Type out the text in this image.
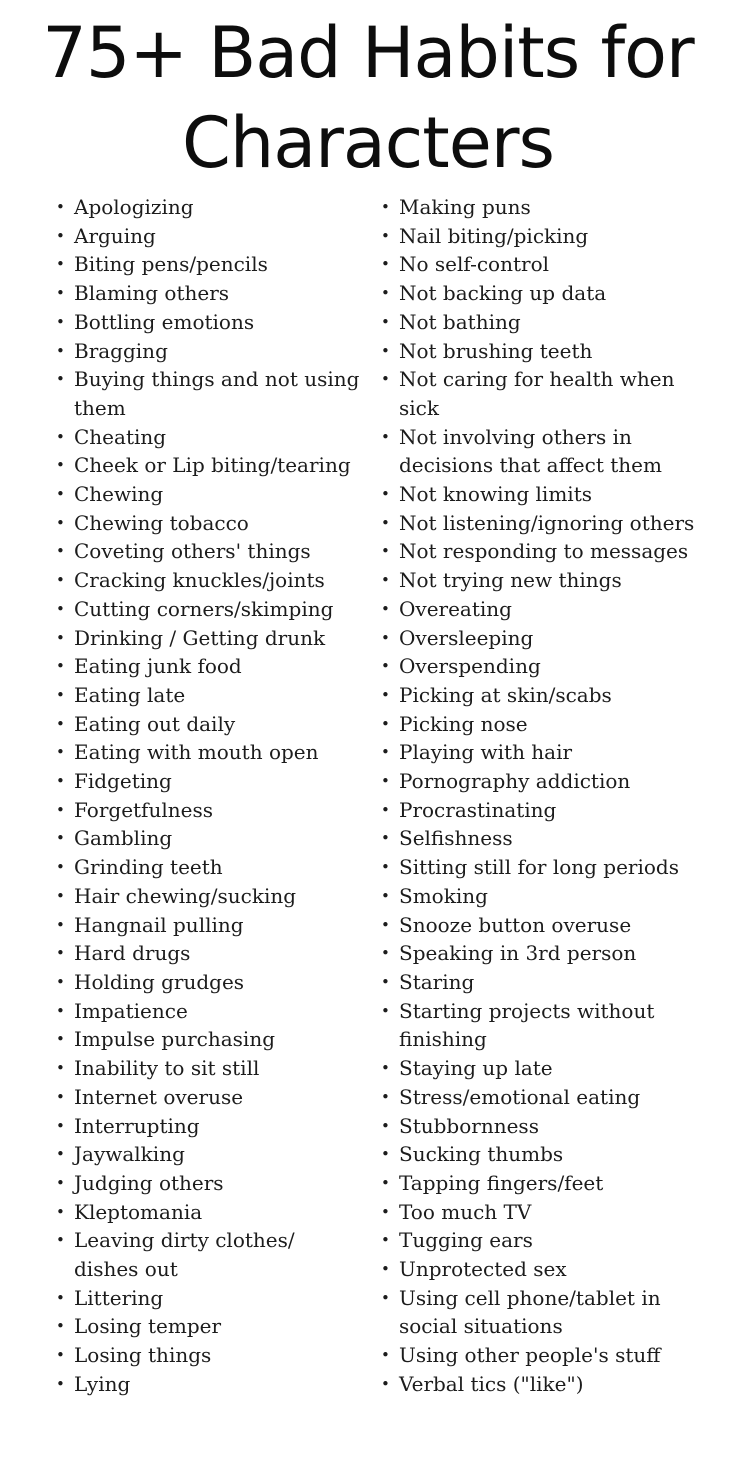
75+ Bad Habits for
Characters
• Apologizing
• Arguing
• Biting pens/pencils
• Blaming others
• Bottling emotions
• Bragging
• Buying things and not using them
• Cheating
• Cheek or Lip biting/tearing
• Chewing
• Chewing tobacco
• Coveting others' things
• Cracking knuckles/joints
• Cutting corners/skimping
• Drinking / Getting drunk
• Eating junk food
• Eating late
• Eating out daily
• Eating with mouth open
• Fidgeting
• Forgetfulness
• Gambling
• Grinding teeth
• Hair chewing/sucking
• Hangnail pulling
• Hard drugs
• Holding grudges
• Impatience
• Impulse purchasing
• Inability to sit still
• Internet overuse
• Interrupting
• Jaywalking
• Judging others
• Kleptomania
• Leaving dirty clothes/ dishes out
• Littering
• Losing temper
• Losing things
• Lying
• Making puns
• Nail biting/picking
• No self-control
• Not backing up data
• Not bathing
• Not brushing teeth
• Not caring for health when sick
• Not involving others in decisions that affect them
• Not knowing limits
• Not listening/ignoring others
• Not responding to messages
• Not trying new things
• Overeating
• Oversleeping
• Overspending
• Picking at skin/scabs
• Picking nose
• Playing with hair
• Pornography addiction
• Procrastinating
• Selfishness
• Sitting still for long periods
• Smoking
• Snooze button overuse
• Speaking in 3rd person
• Staring
• Starting projects without finishing
• Staying up late
• Stress/emotional eating
• Stubbornness
• Sucking thumbs
• Tapping fingers/feet
• Too much TV
• Tugging ears
• Unprotected sex
• Using cell phone/tablet in social situations
• Using other people's stuff
• Verbal tics ("like")
